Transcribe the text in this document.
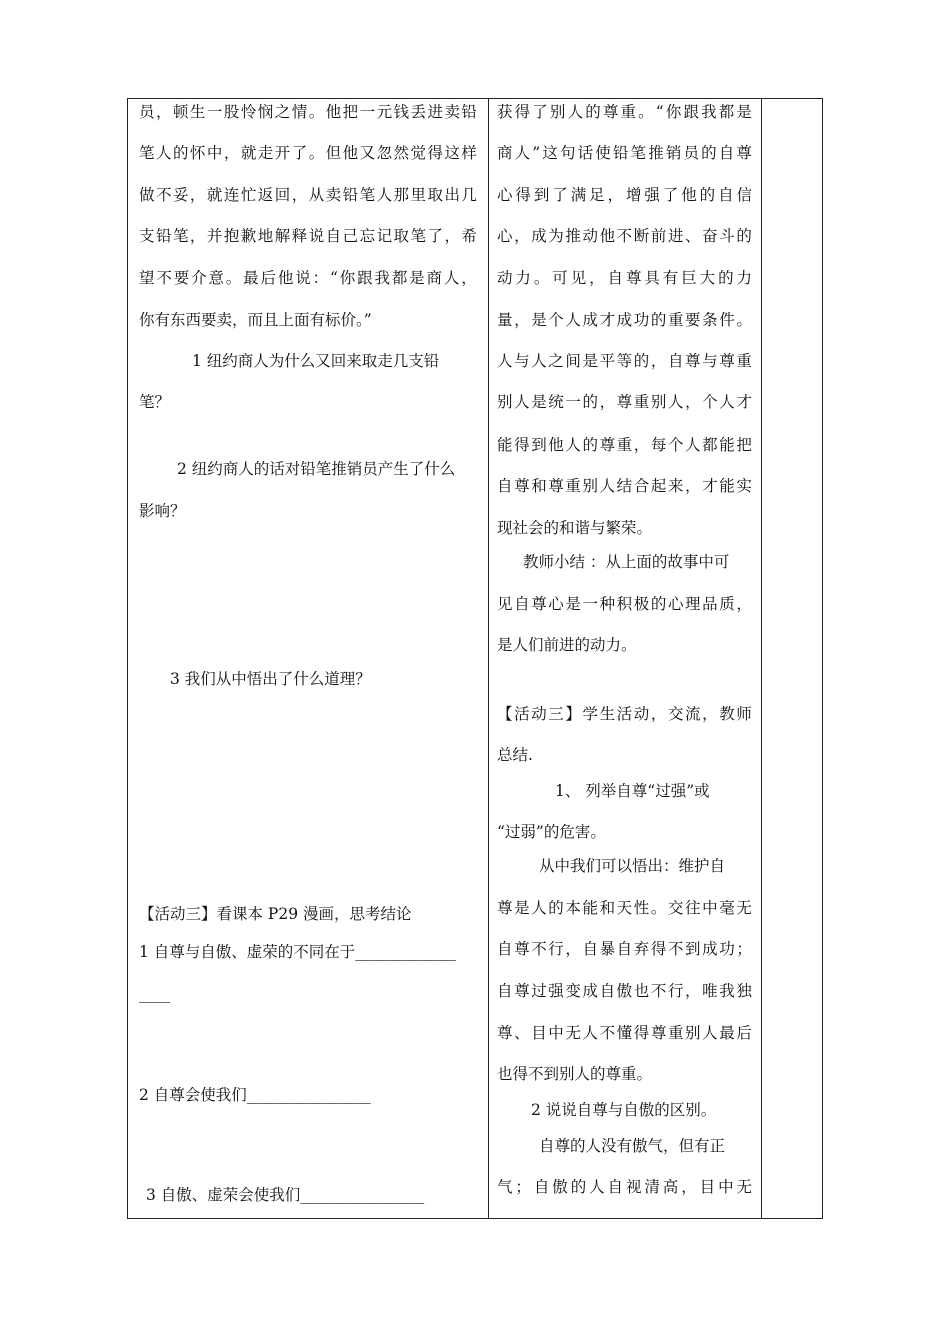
员 ， 顿 生 一 股 怜 悯 之 情 。 他 把 一 元 钱 丢 进 卖 铅
笔 人 的 怀 中 ， 就 走 开 了 。 但 他 又 忽 然 觉 得 这 样
做 不 妥 ， 就 连 忙 返 回 ， 从 卖 铅 笔 人 那 里 取 出 几
支 铅 笔 ， 并 抱 歉 地 解 释 说 自 己 忘 记 取 笔 了 ， 希
望 不 要 介 意 。 最 后 他 说 ： “ 你 跟 我 都 是 商 人 ，
你有东西要卖，而且上面有标价。”
1 纽约商人为什么又回来取走几支铅
笔？
2 纽约商人的话对铅笔推销员产生了什么
影响？
3 我们从中悟出了什么道理？
【活动三】看课本 P29 漫画，思考结论
1 自尊与自傲、虚荣的不同在于_____________
____
2 自尊会使我们________________
3 自傲、虚荣会使我们________________
获 得 了 别 人 的 尊 重 。 “ 你 跟 我 都 是
商 人 ” 这 句 话 使 铅 笔 推 销 员 的 自 尊
心 得 到 了 满 足 ， 增 强 了 他 的 自 信
心 ， 成 为 推 动 他 不 断 前 进 、 奋 斗 的
动 力 。 可 见 ， 自 尊 具 有 巨 大 的 力
量 ， 是 个 人 成 才 成 功 的 重 要 条 件 。
人 与 人 之 间 是 平 等 的 ， 自 尊 与 尊 重
别 人 是 统 一 的 ， 尊 重 别 人 ， 个 人 才
能 得 到 他 人 的 尊 重 ， 每 个 人 都 能 把
自 尊 和 尊 重 别 人 结 合 起 来 ， 才 能 实
现社会的和谐与繁荣。
教师小结 ：从上面的故事中可
见 自 尊 心 是 一 种 积 极 的 心 理 品 质 ，
是人们前进的动力。
【 活 动 三 】 学 生 活 动 ， 交 流 ， 教 师
总结.
1、 列举自尊“过强”或
“过弱”的危害。
从中我们可以悟出：维护自
尊 是 人 的 本 能 和 天 性 。 交 往 中 毫 无
自 尊 不 行 ， 自 暴 自 弃 得 不 到 成 功 ；
自 尊 过 强 变 成 自 傲 也 不 行 ， 唯 我 独
尊 、 目 中 无 人 不 懂 得 尊 重 别 人 最 后
也得不到别人的尊重。
2 说说自尊与自傲的区别。
自尊的人没有傲气，但有正
气 ； 自 傲 的 人 自 视 清 高 ， 目 中 无
